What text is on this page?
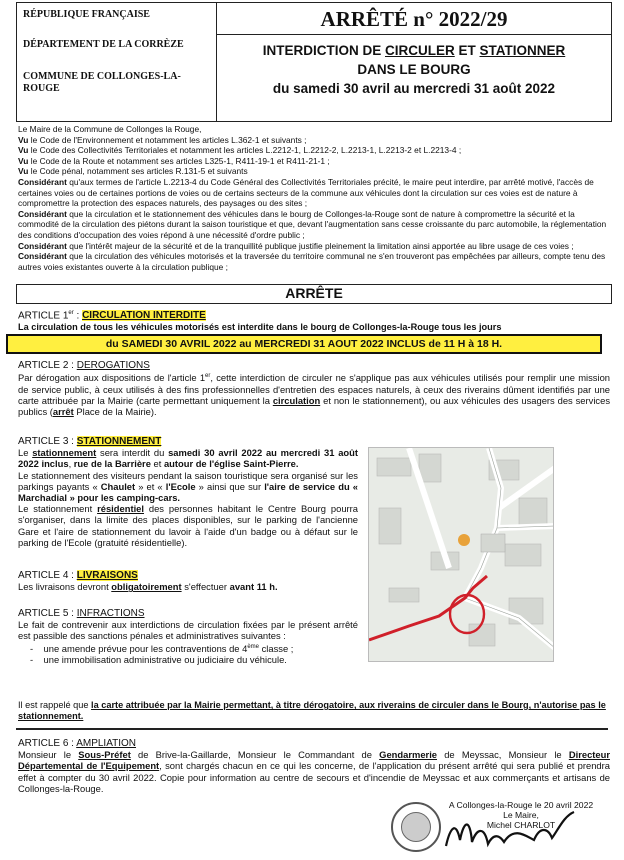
RÉPUBLIQUE FRANÇAISE
DÉPARTEMENT DE LA CORRÈZE
COMMUNE DE COLLONGES-LA-ROUGE
ARRÊTÉ n° 2022/29
INTERDICTION DE CIRCULER ET STATIONNER
DANS LE BOURG
du samedi 30 avril au mercredi 31 août 2022
Le Maire de la Commune de Collonges la Rouge,
Vu le Code de l'Environnement et notamment les articles L.362-1 et suivants ;
Vu le Code des Collectivités Territoriales et notamment les articles L.2212-1, L.2212-2, L.2213-1, L.2213-2 et L.2213-4 ;
Vu le Code de la Route et notamment ses articles L325-1, R411-19-1 et R411-21-1 ;
Vu le Code pénal, notamment ses articles R.131-5 et suivants
Considérant qu'aux termes de l'article L.2213-4 du Code Général des Collectivités Territoriales précité, le maire peut interdire, par arrêté motivé, l'accès de certaines voies ou de certaines portions de voies ou de certains secteurs de la commune aux véhicules dont la circulation sur ces voies est de nature à compromettre la protection des espaces naturels, des paysages ou des sites ;
Considérant que la circulation et le stationnement des véhicules dans le bourg de Collonges-la-Rouge sont de nature à compromettre la sécurité et la commodité de la circulation des piétons durant la saison touristique et que, devant l'augmentation sans cesse croissante du parc automobile, la réglementation des conditions d'occupation des voies répond à une nécessité d'ordre public ;
Considérant que l'intérêt majeur de la sécurité et de la tranquillité publique justifie pleinement la limitation ainsi apportée au libre usage de ces voies ;
Considérant que la circulation des véhicules motorisés et la traversée du territoire communal ne s'en trouveront pas empêchées par ailleurs, compte tenu des autres voies existantes ouverte à la circulation publique ;
ARRÊTE
ARTICLE 1er : CIRCULATION INTERDITE
La circulation de tous les véhicules motorisés est interdite dans le bourg de Collonges-la-Rouge tous les jours
du SAMEDI 30 AVRIL 2022 au MERCREDI 31 AOUT 2022 INCLUS de 11 H à 18 H.
ARTICLE 2 : DEROGATIONS
Par dérogation aux dispositions de l'article 1er, cette interdiction de circuler ne s'applique pas aux véhicules utilisés pour remplir une mission de service public, à ceux utilisés à des fins professionnelles d'entretien des espaces naturels, à ceux des riverains dûment identifiés par une carte attribuée par la Mairie (carte permettant uniquement la circulation et non le stationnement), ou aux véhicules des usagers des services publics (arrêt Place de la Mairie).
ARTICLE 3 : STATIONNEMENT
Le stationnement sera interdit du samedi 30 avril 2022 au mercredi 31 août 2022 inclus, rue de la Barrière et autour de l'église Saint-Pierre.
Le stationnement des visiteurs pendant la saison touristique sera organisé sur les parkings payants « Chaulet » et « l'Ecole » ainsi que sur l'aire de service du « Marchadial » pour les camping-cars.
Le stationnement résidentiel des personnes habitant le Centre Bourg pourra s'organiser, dans la limite des places disponibles, sur le parking de l'ancienne Gare et l'aire de stationnement du lavoir à l'aide d'un badge ou à défaut sur le parking de l'Ecole (gratuité résidentielle).
ARTICLE 4 : LIVRAISONS
Les livraisons devront obligatoirement s'effectuer avant 11 h.
ARTICLE 5 : INFRACTIONS
Le fait de contrevenir aux interdictions de circulation fixées par le présent arrêté est passible des sanctions pénales et administratives suivantes :
-    une amende prévue pour les contraventions de 4ème classe ;
-    une immobilisation administrative ou judiciaire du véhicule.
Il est rappelé que la carte attribuée par la Mairie permettant, à titre dérogatoire, aux riverains de circuler dans le Bourg, n'autorise pas le stationnement.
ARTICLE 6 : AMPLIATION
Monsieur le Sous-Préfet de Brive-la-Gaillarde, Monsieur le Commandant de Gendarmerie de Meyssac, Monsieur le Directeur Départemental de l'Equipement, sont chargés chacun en ce qui les concerne, de l'application du présent arrêté qui sera publié et prendra effet à compter du 30 avril 2022. Copie pour information au centre de secours et d'incendie de Meyssac et aux commerçants et artisans de Collonges-la-Rouge.
A Collonges-la-Rouge le 20 avril 2022
Le Maire,
Michel CHARLOT
